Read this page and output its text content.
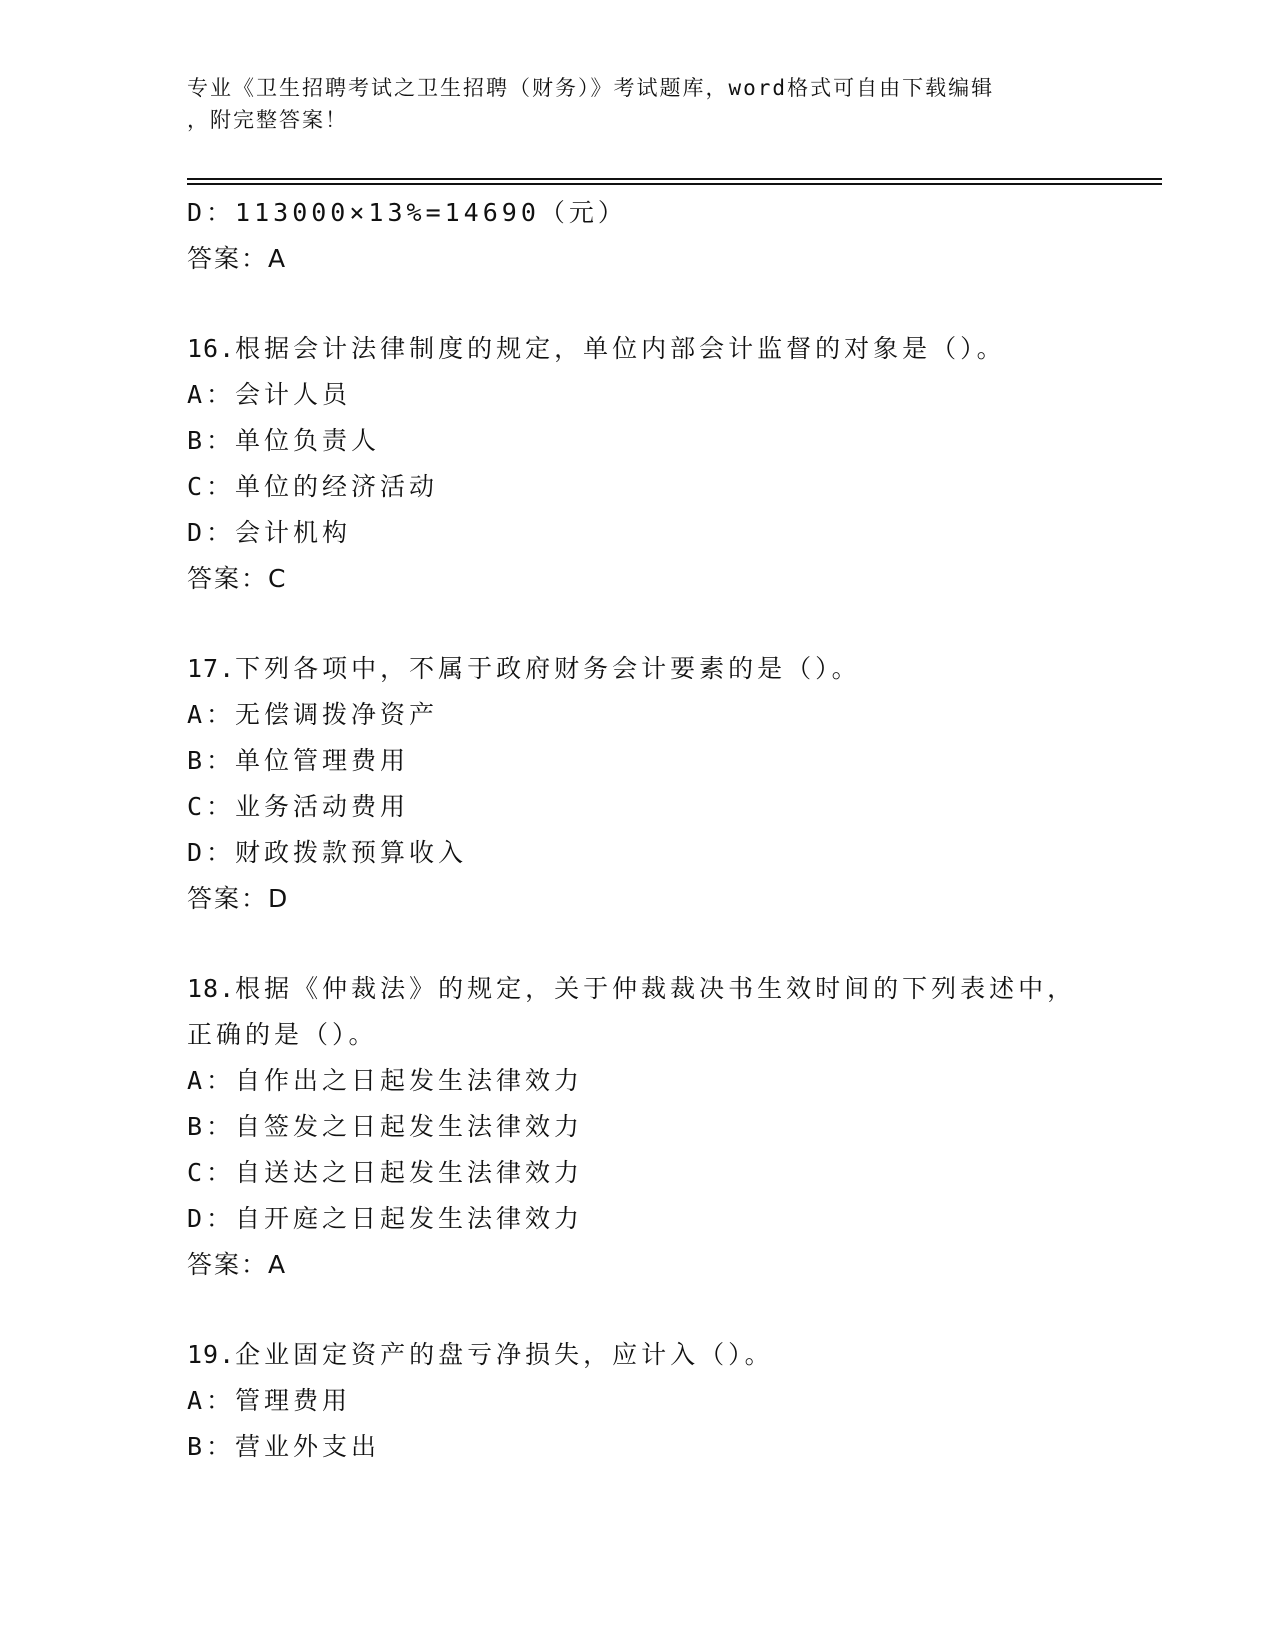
专业《卫生招聘考试之卫生招聘（财务）》考试题库，word格式可自由下载编辑
，附完整答案！
D：113000×13%=14690（元）
答案：A
16.根据会计法律制度的规定，单位内部会计监督的对象是（）。
A：会计人员
B：单位负责人
C：单位的经济活动
D：会计机构
答案：C
17.下列各项中，不属于政府财务会计要素的是（）。
A：无偿调拨净资产
B：单位管理费用
C：业务活动费用
D：财政拨款预算收入
答案：D
18.根据《仲裁法》的规定，关于仲裁裁决书生效时间的下列表述中，
正确的是（）。
A：自作出之日起发生法律效力
B：自签发之日起发生法律效力
C：自送达之日起发生法律效力
D：自开庭之日起发生法律效力
答案：A
19.企业固定资产的盘亏净损失，应计入（）。
A：管理费用
B：营业外支出
